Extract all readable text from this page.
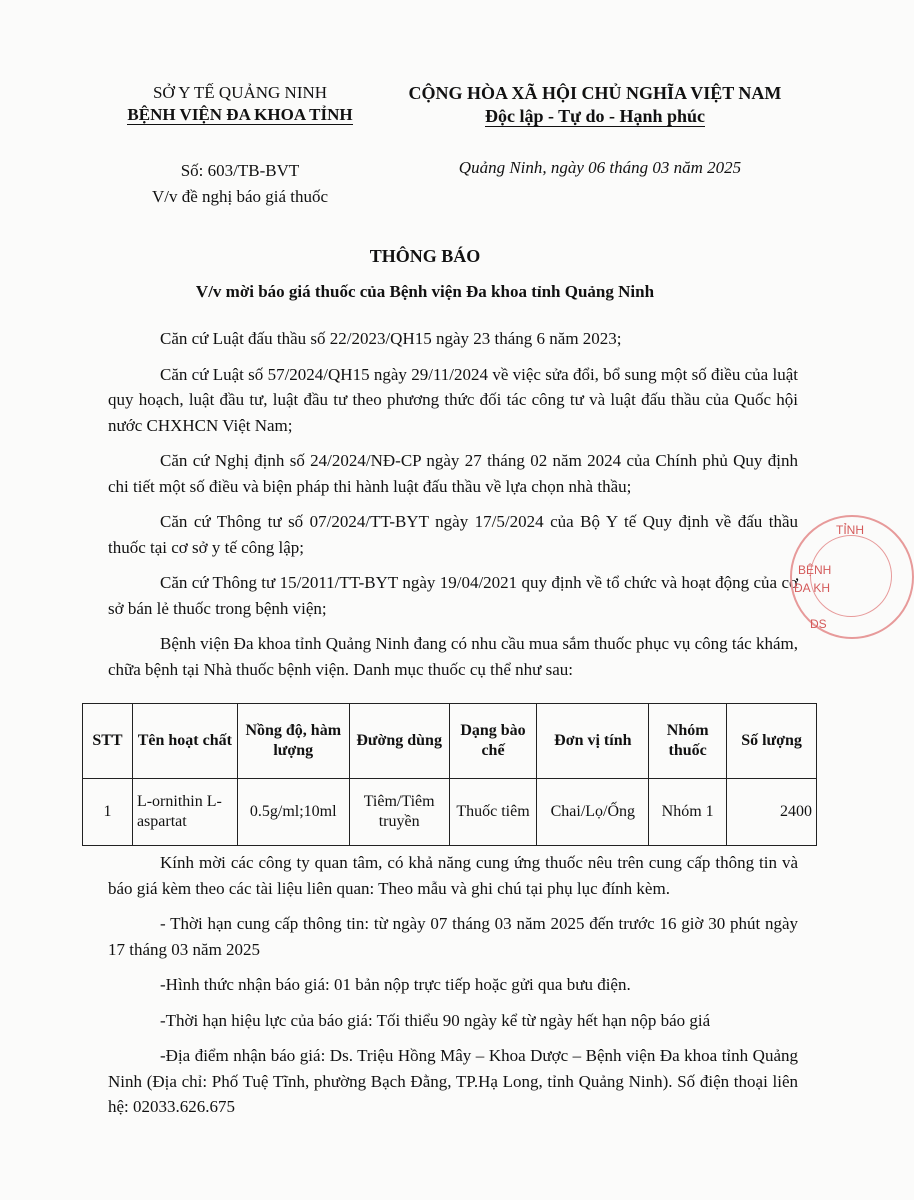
SỞ Y TẾ QUẢNG NINH
BỆNH VIỆN ĐA KHOA TỈNH
CỘNG HÒA XÃ HỘI CHỦ NGHĨA VIỆT NAM
Độc lập - Tự do - Hạnh phúc
Số: 603/TB-BVT
V/v đề nghị báo giá thuốc
Quảng Ninh, ngày 06 tháng 03 năm 2025
THÔNG BÁO
V/v mời báo giá thuốc của Bệnh viện Đa khoa tỉnh Quảng Ninh

Căn cứ Luật đấu thầu số 22/2023/QH15 ngày 23 tháng 6 năm 2023;

Căn cứ Luật số 57/2024/QH15 ngày 29/11/2024 về việc sửa đổi, bổ sung một số điều của luật quy hoạch, luật đầu tư, luật đầu tư theo phương thức đối tác công tư và luật đấu thầu của Quốc hội nước CHXHCN Việt Nam;

Căn cứ Nghị định số 24/2024/NĐ-CP ngày 27 tháng 02 năm 2024 của Chính phủ Quy định chi tiết một số điều và biện pháp thi hành luật đấu thầu về lựa chọn nhà thầu;

Căn cứ Thông tư số 07/2024/TT-BYT ngày 17/5/2024 của Bộ Y tế Quy định về đấu thầu thuốc tại cơ sở y tế công lập;

Căn cứ Thông tư 15/2011/TT-BYT ngày 19/04/2021 quy định về tổ chức và hoạt động của cơ sở bán lẻ thuốc trong bệnh viện;

Bệnh viện Đa khoa tỉnh Quảng Ninh đang có nhu cầu mua sắm thuốc phục vụ công tác khám, chữa bệnh tại Nhà thuốc bệnh viện. Danh mục thuốc cụ thể như sau:

STT	Tên hoạt chất	Nồng độ, hàm lượng	Đường dùng	Dạng bào chế	Đơn vị tính	Nhóm thuốc	Số lượng
1	L-ornithin L-aspartat	0.5g/ml;10ml	Tiêm/Tiêm truyền	Thuốc tiêm	Chai/Lọ/Ống	Nhóm 1	2400

Kính mời các công ty quan tâm, có khả năng cung ứng thuốc nêu trên cung cấp thông tin và báo giá kèm theo các tài liệu liên quan: Theo mẫu và ghi chú tại phụ lục đính kèm.

- Thời hạn cung cấp thông tin: từ ngày 07 tháng 03 năm 2025 đến trước 16 giờ 30 phút ngày 17 tháng 03 năm 2025

-Hình thức nhận báo giá: 01 bản nộp trực tiếp hoặc gửi qua bưu điện.

-Thời hạn hiệu lực của báo giá: Tối thiểu 90 ngày kể từ ngày hết hạn nộp báo giá

-Địa điểm nhận báo giá: Ds. Triệu Hồng Mây – Khoa Dược – Bệnh viện Đa khoa tỉnh Quảng Ninh (Địa chỉ: Phố Tuệ Tĩnh, phường Bạch Đằng, TP.Hạ Long, tỉnh Quảng Ninh). Số điện thoại liên hệ: 02033.626.675

TỈNH
BỆNH
ĐA KH
DS
